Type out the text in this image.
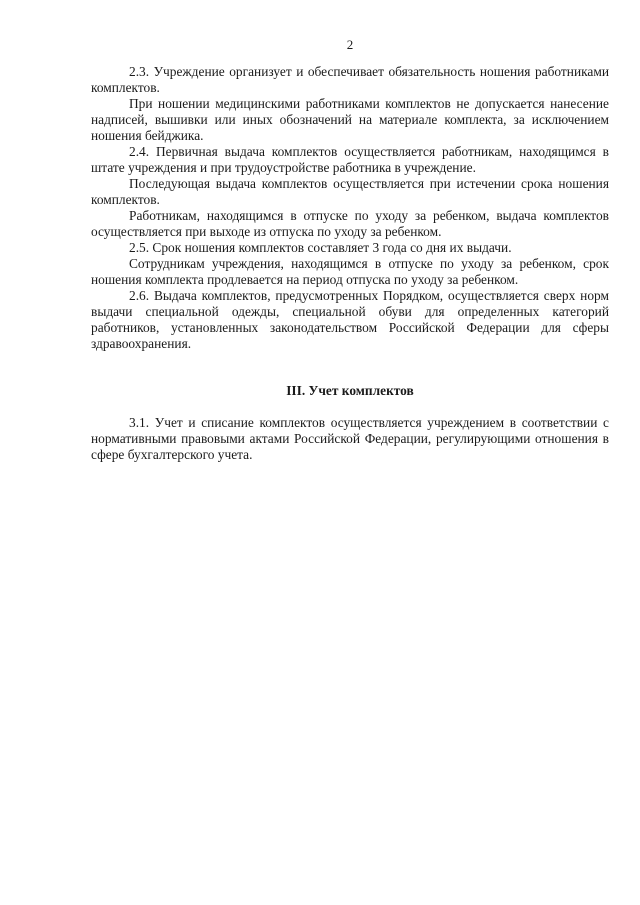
2

2.3. Учреждение организует и обеспечивает обязательность ношения работниками комплектов.

При ношении медицинскими работниками комплектов не допускается нанесение надписей, вышивки или иных обозначений на материале комплекта, за исключением ношения бейджика.

2.4. Первичная выдача комплектов осуществляется работникам, находящимся в штате учреждения и при трудоустройстве работника в учреждение.

Последующая выдача комплектов осуществляется при истечении срока ношения комплектов.

Работникам, находящимся в отпуске по уходу за ребенком, выдача комплектов осуществляется при выходе из отпуска по уходу за ребенком.

2.5. Срок ношения комплектов составляет 3 года со дня их выдачи.

Сотрудникам учреждения, находящимся в отпуске по уходу за ребенком, срок ношения комплекта продлевается на период отпуска по уходу за ребенком.

2.6. Выдача комплектов, предусмотренных Порядком, осуществляется сверх норм выдачи специальной одежды, специальной обуви для определенных категорий работников, установленных законодательством Российской Федерации для сферы здравоохранения.

III. Учет комплектов

3.1. Учет и списание комплектов осуществляется учреждением в соответствии с нормативными правовыми актами Российской Федерации, регулирующими отношения в сфере бухгалтерского учета.
